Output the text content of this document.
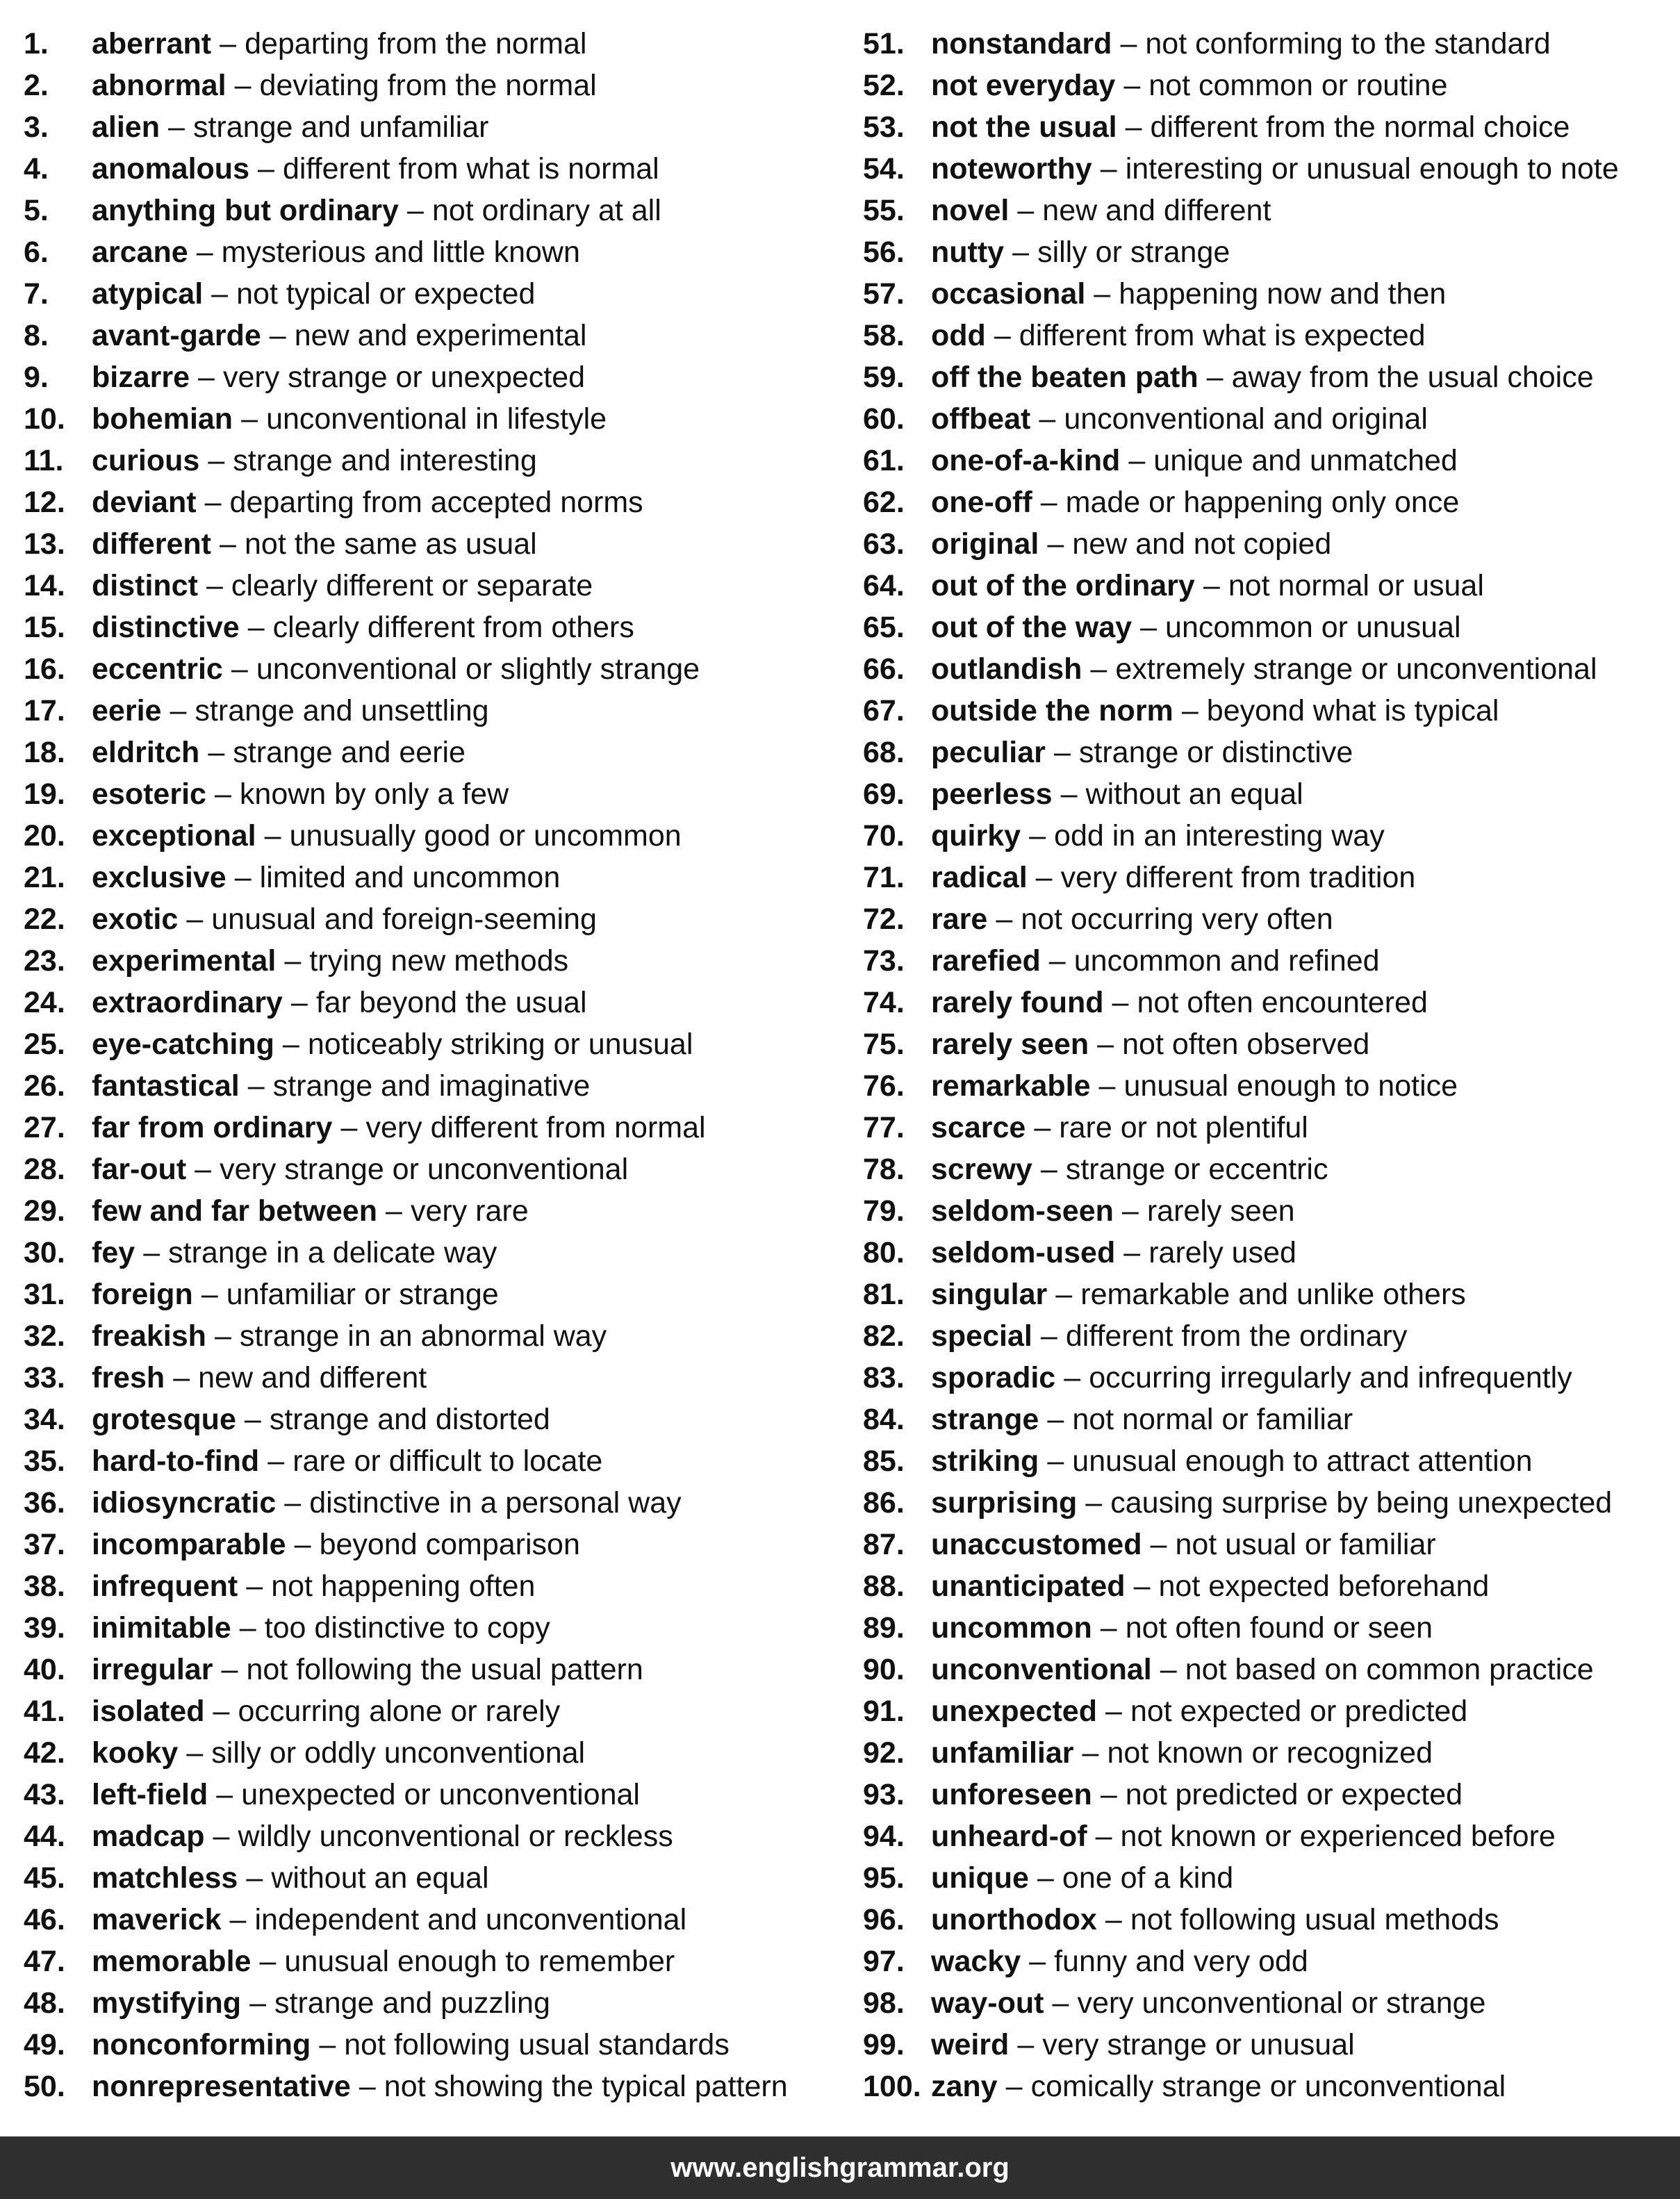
1.	aberrant – departing from the normal
2.	abnormal – deviating from the normal
3.	alien – strange and unfamiliar
4.	anomalous – different from what is normal
5.	anything but ordinary – not ordinary at all
6.	arcane – mysterious and little known
7.	atypical – not typical or expected
8.	avant-garde – new and experimental
9.	bizarre – very strange or unexpected
10. bohemian – unconventional in lifestyle
11. curious – strange and interesting
12. deviant – departing from accepted norms
13. different – not the same as usual
14. distinct – clearly different or separate
15. distinctive – clearly different from others
16. eccentric – unconventional or slightly strange
17. eerie – strange and unsettling
18. eldritch – strange and eerie
19. esoteric – known by only a few
20. exceptional – unusually good or uncommon
21. exclusive – limited and uncommon
22. exotic – unusual and foreign-seeming
23. experimental – trying new methods
24. extraordinary – far beyond the usual
25. eye-catching – noticeably striking or unusual
26. fantastical – strange and imaginative
27. far from ordinary – very different from normal
28. far-out – very strange or unconventional
29. few and far between – very rare
30. fey – strange in a delicate way
31. foreign – unfamiliar or strange
32. freakish – strange in an abnormal way
33. fresh – new and different
34. grotesque – strange and distorted
35. hard-to-find – rare or difficult to locate
36. idiosyncratic – distinctive in a personal way
37. incomparable – beyond comparison
38. infrequent – not happening often
39. inimitable – too distinctive to copy
40. irregular – not following the usual pattern
41. isolated – occurring alone or rarely
42. kooky – silly or oddly unconventional
43. left-field – unexpected or unconventional
44. madcap – wildly unconventional or reckless
45. matchless – without an equal
46. maverick – independent and unconventional
47. memorable – unusual enough to remember
48. mystifying – strange and puzzling
49. nonconforming – not following usual standards
50. nonrepresentative – not showing the typical pattern
51. nonstandard – not conforming to the standard
52. not everyday – not common or routine
53. not the usual – different from the normal choice
54. noteworthy – interesting or unusual enough to note
55. novel – new and different
56. nutty – silly or strange
57. occasional – happening now and then
58. odd – different from what is expected
59. off the beaten path – away from the usual choice
60. offbeat – unconventional and original
61. one-of-a-kind – unique and unmatched
62. one-off – made or happening only once
63. original – new and not copied
64. out of the ordinary – not normal or usual
65. out of the way – uncommon or unusual
66. outlandish – extremely strange or unconventional
67. outside the norm – beyond what is typical
68. peculiar – strange or distinctive
69. peerless – without an equal
70. quirky – odd in an interesting way
71. radical – very different from tradition
72. rare – not occurring very often
73. rarefied – uncommon and refined
74. rarely found – not often encountered
75. rarely seen – not often observed
76. remarkable – unusual enough to notice
77. scarce – rare or not plentiful
78. screwy – strange or eccentric
79. seldom-seen – rarely seen
80. seldom-used – rarely used
81. singular – remarkable and unlike others
82. special – different from the ordinary
83. sporadic – occurring irregularly and infrequently
84. strange – not normal or familiar
85. striking – unusual enough to attract attention
86. surprising – causing surprise by being unexpected
87. unaccustomed – not usual or familiar
88. unanticipated – not expected beforehand
89. uncommon – not often found or seen
90. unconventional – not based on common practice
91. unexpected – not expected or predicted
92. unfamiliar – not known or recognized
93. unforeseen – not predicted or expected
94. unheard-of – not known or experienced before
95. unique – one of a kind
96. unorthodox – not following usual methods
97. wacky – funny and very odd
98. way-out – very unconventional or strange
99. weird – very strange or unusual
100. zany – comically strange or unconventional
www.englishgrammar.org
